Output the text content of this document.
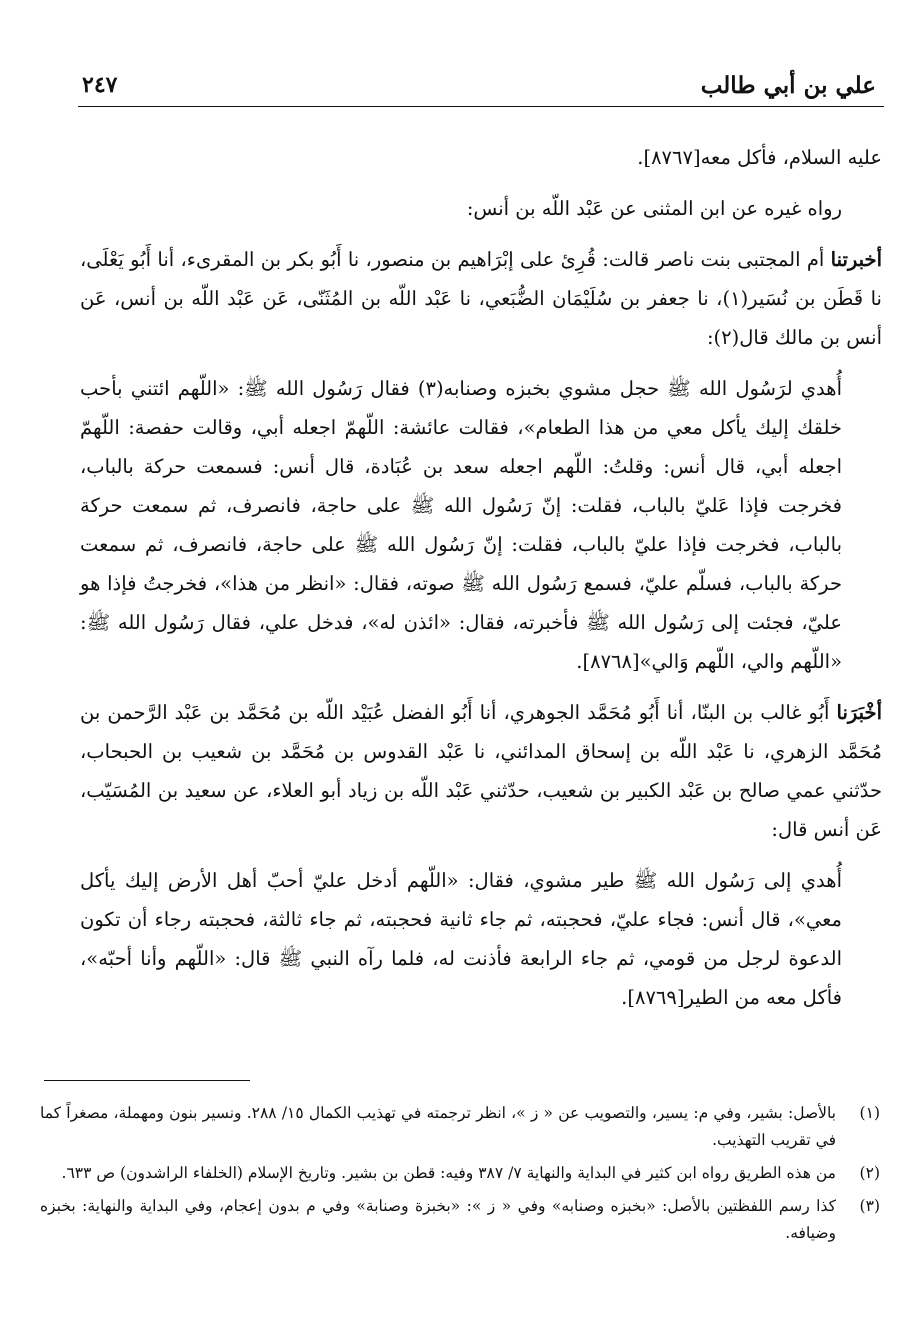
علي بن أبي طالب
٢٤٧

عليه السلام، فأكل معه[٨٧٦٧].

رواه غيره عن ابن المثنى عن عَبْد اللّه بن أنس:

أخبرتنا أم المجتبى بنت ناصر قالت: قُرِئ على إبْرَاهيم بن منصور، نا أَبُو بكر بن المقرىء، أنا أَبُو يَعْلَى، نا قَطَن بن نُسَير(١)، نا جعفر بن سُلَيْمَان الضُّبَعي، نا عَبْد اللّه بن المُثَنّى، عَن عَبْد اللّه بن أنس، عَن أنس بن مالك قال(٢):

أُهدي لرَسُول الله ﷺ حجل مشوي بخبزه وصنابه(٣) فقال رَسُول الله ﷺ: «اللّهم ائتني بأحب خلقك إليك يأكل معي من هذا الطعام»، فقالت عائشة: اللّهمّ اجعله أبي، وقالت حفصة: اللّهمّ اجعله أبي، قال أنس: وقلتُ: اللّهم اجعله سعد بن عُبَادة، قال أنس: فسمعت حركة بالباب، فخرجت فإذا عَليّ بالباب، فقلت: إنّ رَسُول الله ﷺ على حاجة، فانصرف، ثم سمعت حركة بالباب، فخرجت فإذا عليّ بالباب، فقلت: إنّ رَسُول الله ﷺ على حاجة، فانصرف، ثم سمعت حركة بالباب، فسلّم عليّ، فسمع رَسُول الله ﷺ صوته، فقال: «انظر من هذا»، فخرجتُ فإذا هو عليّ، فجئت إلى رَسُول الله ﷺ فأخبرته، فقال: «ائذن له»، فدخل علي، فقال رَسُول الله ﷺ: «اللّهم والي، اللّهم وَالي»[٨٧٦٨].

أخْبَرَنا أَبُو غالب بن البنّا، أنا أَبُو مُحَمَّد الجوهري، أنا أَبُو الفضل عُبَيْد اللّه بن مُحَمَّد بن عَبْد الرَّحمن بن مُحَمَّد الزهري، نا عَبْد اللّه بن إسحاق المدائني، نا عَبْد القدوس بن مُحَمَّد بن شعيب بن الحبحاب، حدّثني عمي صالح بن عَبْد الكبير بن شعيب، حدّثني عَبْد اللّه بن زياد أبو العلاء، عن سعيد بن المُسَيّب، عَن أنس قال:

أُهدي إلى رَسُول الله ﷺ طير مشوي، فقال: «اللّهم أدخل عليّ أحبّ أهل الأرض إليك يأكل معي»، قال أنس: فجاء عليّ، فحجبته، ثم جاء ثانية فحجبته، ثم جاء ثالثة، فحجبته رجاء أن تكون الدعوة لرجل من قومي، ثم جاء الرابعة فأذنت له، فلما رآه النبي ﷺ قال: «اللّهم وأنا أحبّه»، فأكل معه من الطير[٨٧٦٩].

(١)
بالأصل: بشير، وفي م: يسير، والتصويب عن « ز »، انظر ترجمته في تهذيب الكمال ١٥/ ٢٨٨. ونسير بنون ومهملة، مصغراً كما في تقريب التهذيب.
(٢)
من هذه الطريق رواه ابن كثير في البداية والنهاية ٧/ ٣٨٧ وفيه: قطن بن بشير. وتاريخ الإسلام (الخلفاء الراشدون) ص ٦٣٣.
(٣)
كذا رسم اللفظتين بالأصل: «بخبزه وصنابه» وفي « ز »: «بخبزة وصنابة» وفي م بدون إعجام، وفي البداية والنهاية: بخبزه وضيافه.
